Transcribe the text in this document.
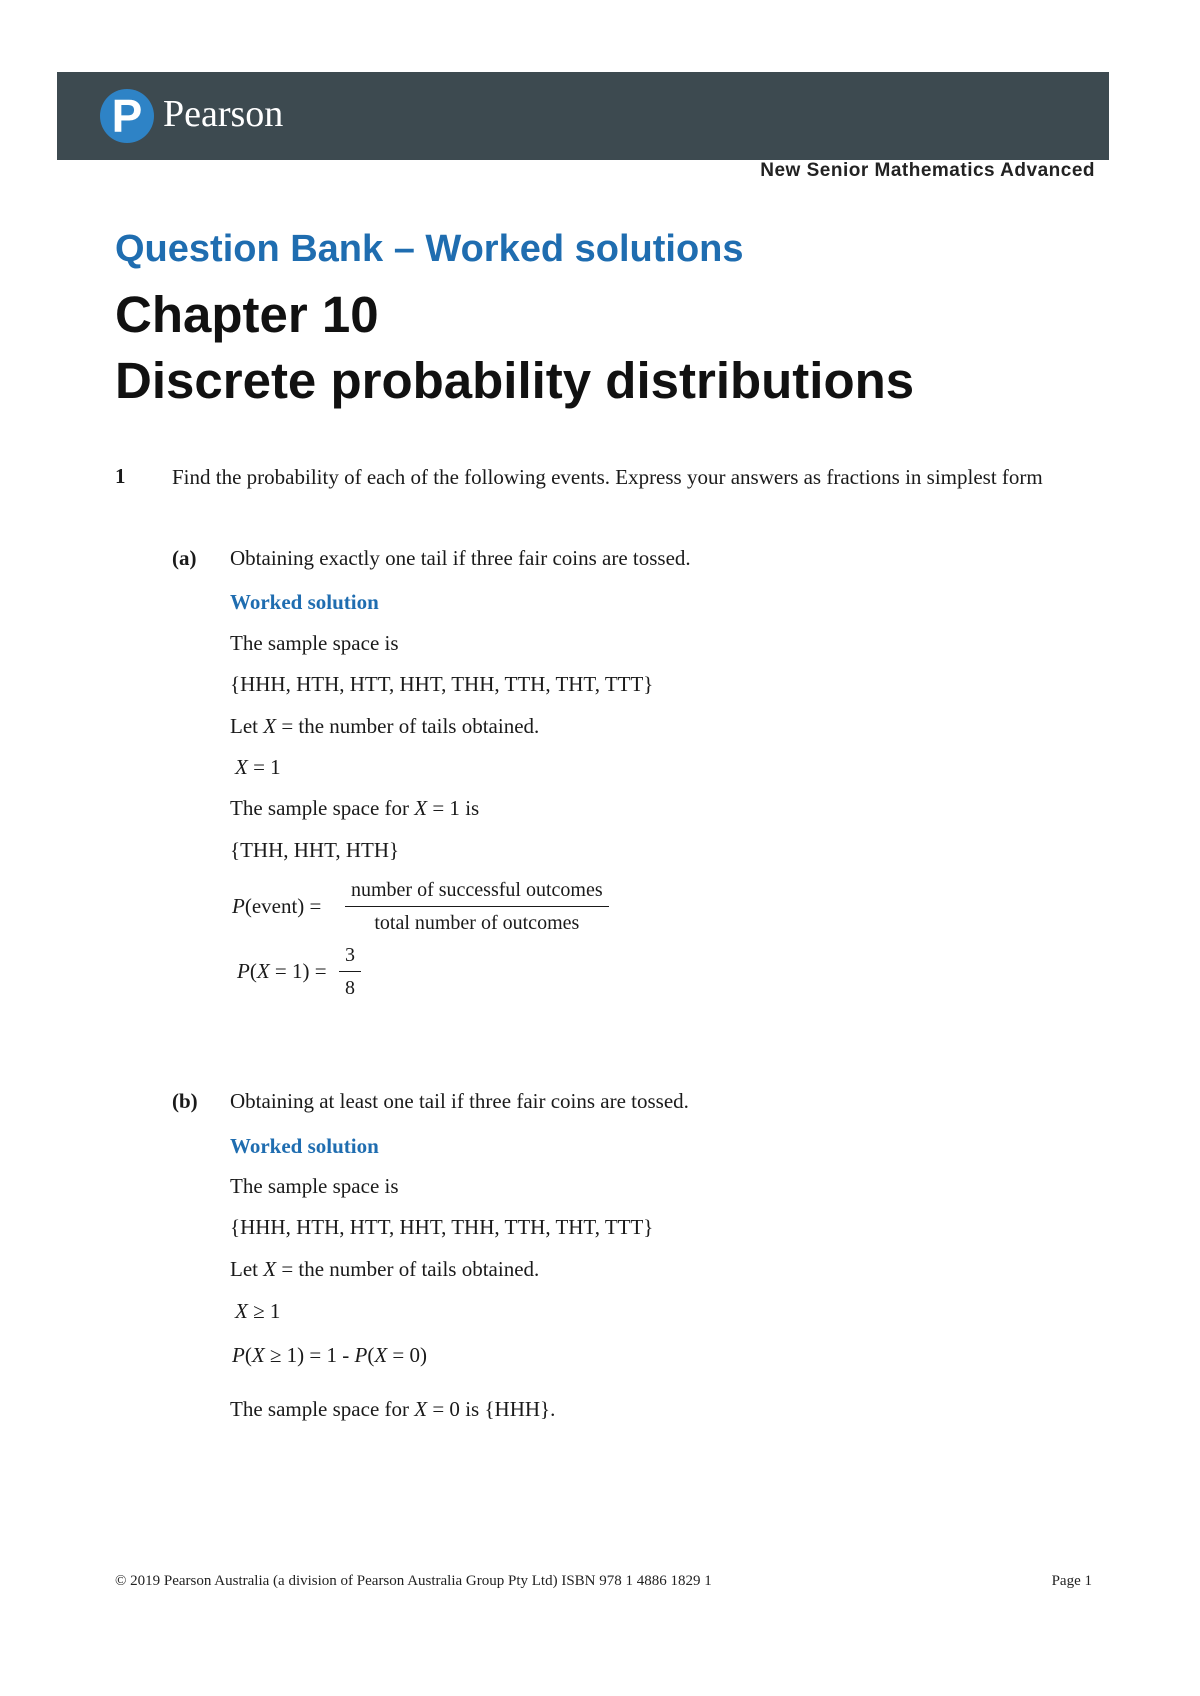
P Pearson
New Senior Mathematics Advanced
Question Bank – Worked solutions
Chapter 10
Discrete probability distributions
1 Find the probability of each of the following events. Express your answers as fractions in simplest form
(a) Obtaining exactly one tail if three fair coins are tossed.
Worked solution
The sample space is
{HHH, HTH, HTT, HHT, THH, TTH, THT, TTT}
Let X = the number of tails obtained.
X = 1
The sample space for X = 1 is
{THH, HHT, HTH}
P(event) =
number of successful outcomes
total number of outcomes
$P(X = 1) = \frac{3}{8}$
(b) Obtaining at least one tail if three fair coins are tossed.
Worked solution
The sample space is
{HHH, HTH, HTT, HHT, THH, TTH, THT, TTT}
Let X = the number of tails obtained.
X ≥ 1
P(X ≥ 1) = 1 - P(X = 0)
The sample space for X = 0 is {HHH}.
© 2019 Pearson Australia (a division of Pearson Australia Group Pty Ltd) ISBN 978 1 4886 1829 1	Page 1
